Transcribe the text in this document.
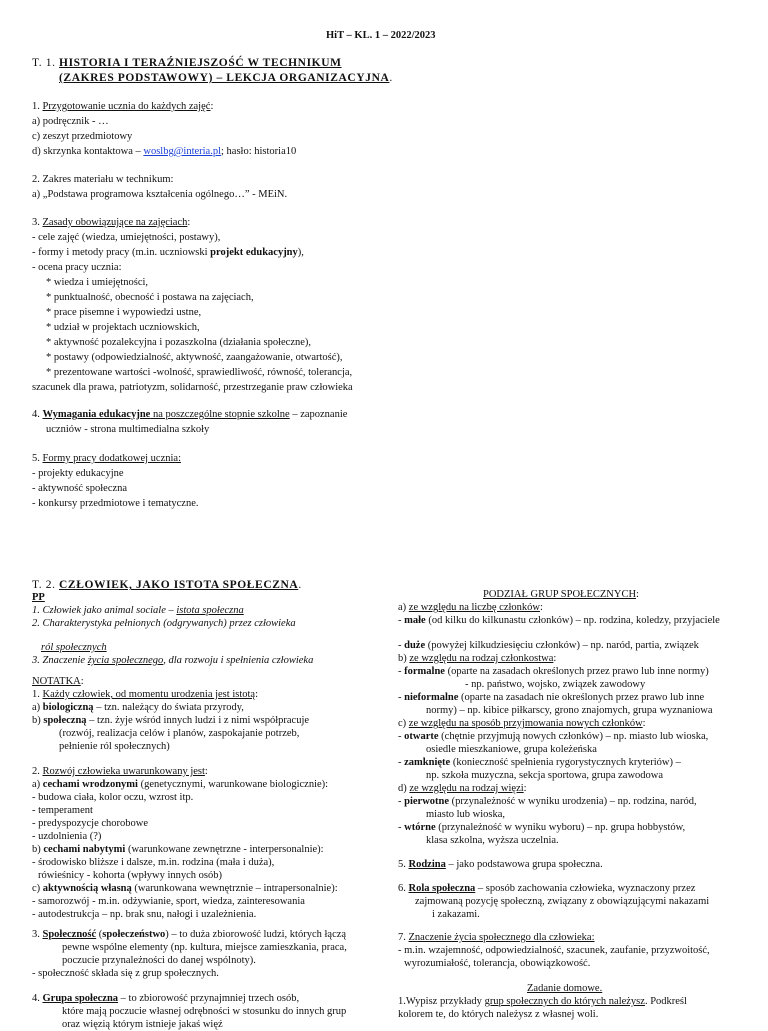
HiT – KL. 1 – 2022/2023
T. 1. HISTORIA I TERAŹNIEJSZOŚĆ W TECHNIKUM
(ZAKRES PODSTAWOWY) – LEKCJA ORGANIZACYJNA.
1. Przygotowanie ucznia do każdych zajęć:
a) podręcznik - …
c) zeszyt przedmiotowy
d) skrzynka kontaktowa – woslbg@interia.pl; hasło: historia10
2. Zakres materiału w technikum:
a) „Podstawa programowa kształcenia ogólnego…” - MEiN.
3. Zasady obowiązujące na zajęciach:
- cele zajęć (wiedza, umiejętności, postawy),
- formy i metody pracy (m.in. uczniowski projekt edukacyjny),
- ocena pracy ucznia:
* wiedza i umiejętności,
* punktualność, obecność i postawa na zajęciach,
* prace pisemne i wypowiedzi ustne,
* udział w projektach uczniowskich,
* aktywność pozalekcyjna i pozaszkolna (działania społeczne),
* postawy (odpowiedzialność, aktywność, zaangażowanie, otwartość),
* prezentowane wartości -wolność, sprawiedliwość, równość, tolerancja,
szacunek dla prawa, patriotyzm, solidarność, przestrzeganie praw człowieka
4. Wymagania edukacyjne na poszczególne stopnie szkolne – zapoznanie
uczniów - strona multimedialna szkoły
5. Formy pracy dodatkowej ucznia:
- projekty edukacyjne
- aktywność społeczna
- konkursy przedmiotowe i tematyczne.
T. 2. CZŁOWIEK, JAKO ISTOTA SPOŁECZNA.
PP
1. Człowiek jako animal sociale – istota społeczna
2. Charakterystyka pełnionych (odgrywanych) przez człowieka
ról społecznych
3. Znaczenie życia społecznego, dla rozwoju i spełnienia człowieka
NOTATKA:
1. Każdy człowiek, od momentu urodzenia jest istotą:
a) biologiczną – tzn. należący do świata przyrody,
b) społeczną – tzn. żyje wśród innych ludzi i z nimi współpracuje
(rozwój, realizacja celów i planów, zaspokajanie potrzeb,
pełnienie ról społecznych)
2. Rozwój człowieka uwarunkowany jest:
a) cechami wrodzonymi (genetycznymi, warunkowane biologicznie):
- budowa ciała, kolor oczu, wzrost itp.
- temperament
- predyspozycje chorobowe
- uzdolnienia (?)
b) cechami nabytymi (warunkowane zewnętrzne - interpersonalnie):
- środowisko bliższe i dalsze, m.in. rodzina (mała i duża),
rówieśnicy - kohorta (wpływy innych osób)
c) aktywnością własną (warunkowana wewnętrznie – intrapersonalnie):
- samorozwój - m.in. odżywianie, sport, wiedza, zainteresowania
- autodestrukcja – np. brak snu, nałogi i uzależnienia.
3. Społeczność (społeczeństwo) – to duża zbiorowość ludzi, których łączą
pewne wspólne elementy (np. kultura, miejsce zamieszkania, praca,
poczucie przynależności do danej wspólnoty).
- społeczność składa się z grup społecznych.
4. Grupa społeczna – to zbiorowość przynajmniej trzech osób,
które mają poczucie własnej odrębności w stosunku do innych grup
oraz więzią którym istnieje jakaś więź
PODZIAŁ GRUP SPOŁECZNYCH:
a) ze względu na liczbę członków:
- małe (od kilku do kilkunastu członków) – np. rodzina, koledzy, przyjaciele
- duże (powyżej kilkudziesięciu członków) – np. naród, partia, związek
b) ze względu na rodzaj członkostwa:
- formalne (oparte na zasadach określonych przez prawo lub inne normy)
- np. państwo, wojsko, związek zawodowy
- nieformalne (oparte na zasadach nie określonych przez prawo lub inne
normy) – np. kibice piłkarscy, grono znajomych, grupa wyznaniowa
c) ze względu na sposób przyjmowania nowych członków:
- otwarte (chętnie przyjmują nowych członków) – np. miasto lub wioska,
osiedle mieszkaniowe, grupa koleżeńska
- zamknięte (konieczność spełnienia rygorystycznych kryteriów) –
np. szkoła muzyczna, sekcja sportowa, grupa zawodowa
d) ze względu na rodzaj więzi:
- pierwotne (przynależność w wyniku urodzenia) – np. rodzina, naród,
miasto lub wioska,
- wtórne (przynależność w wyniku wyboru) – np. grupa hobbystów,
klasa szkolna, wyższa uczelnia.
5. Rodzina – jako podstawowa grupa społeczna.
6. Rola społeczna – sposób zachowania człowieka, wyznaczony przez
zajmowaną pozycję społeczną, związany z obowiązującymi nakazami
i zakazami.
7. Znaczenie życia społecznego dla człowieka:
- m.in. wzajemność, odpowiedzialność, szacunek, zaufanie, przyzwoitość,
wyrozumiałość, tolerancja, obowiązkowość.
Zadanie domowe.
1.Wypisz przykłady grup społecznych do których należysz. Podkreśl
kolorem te, do których należysz z własnej woli.
